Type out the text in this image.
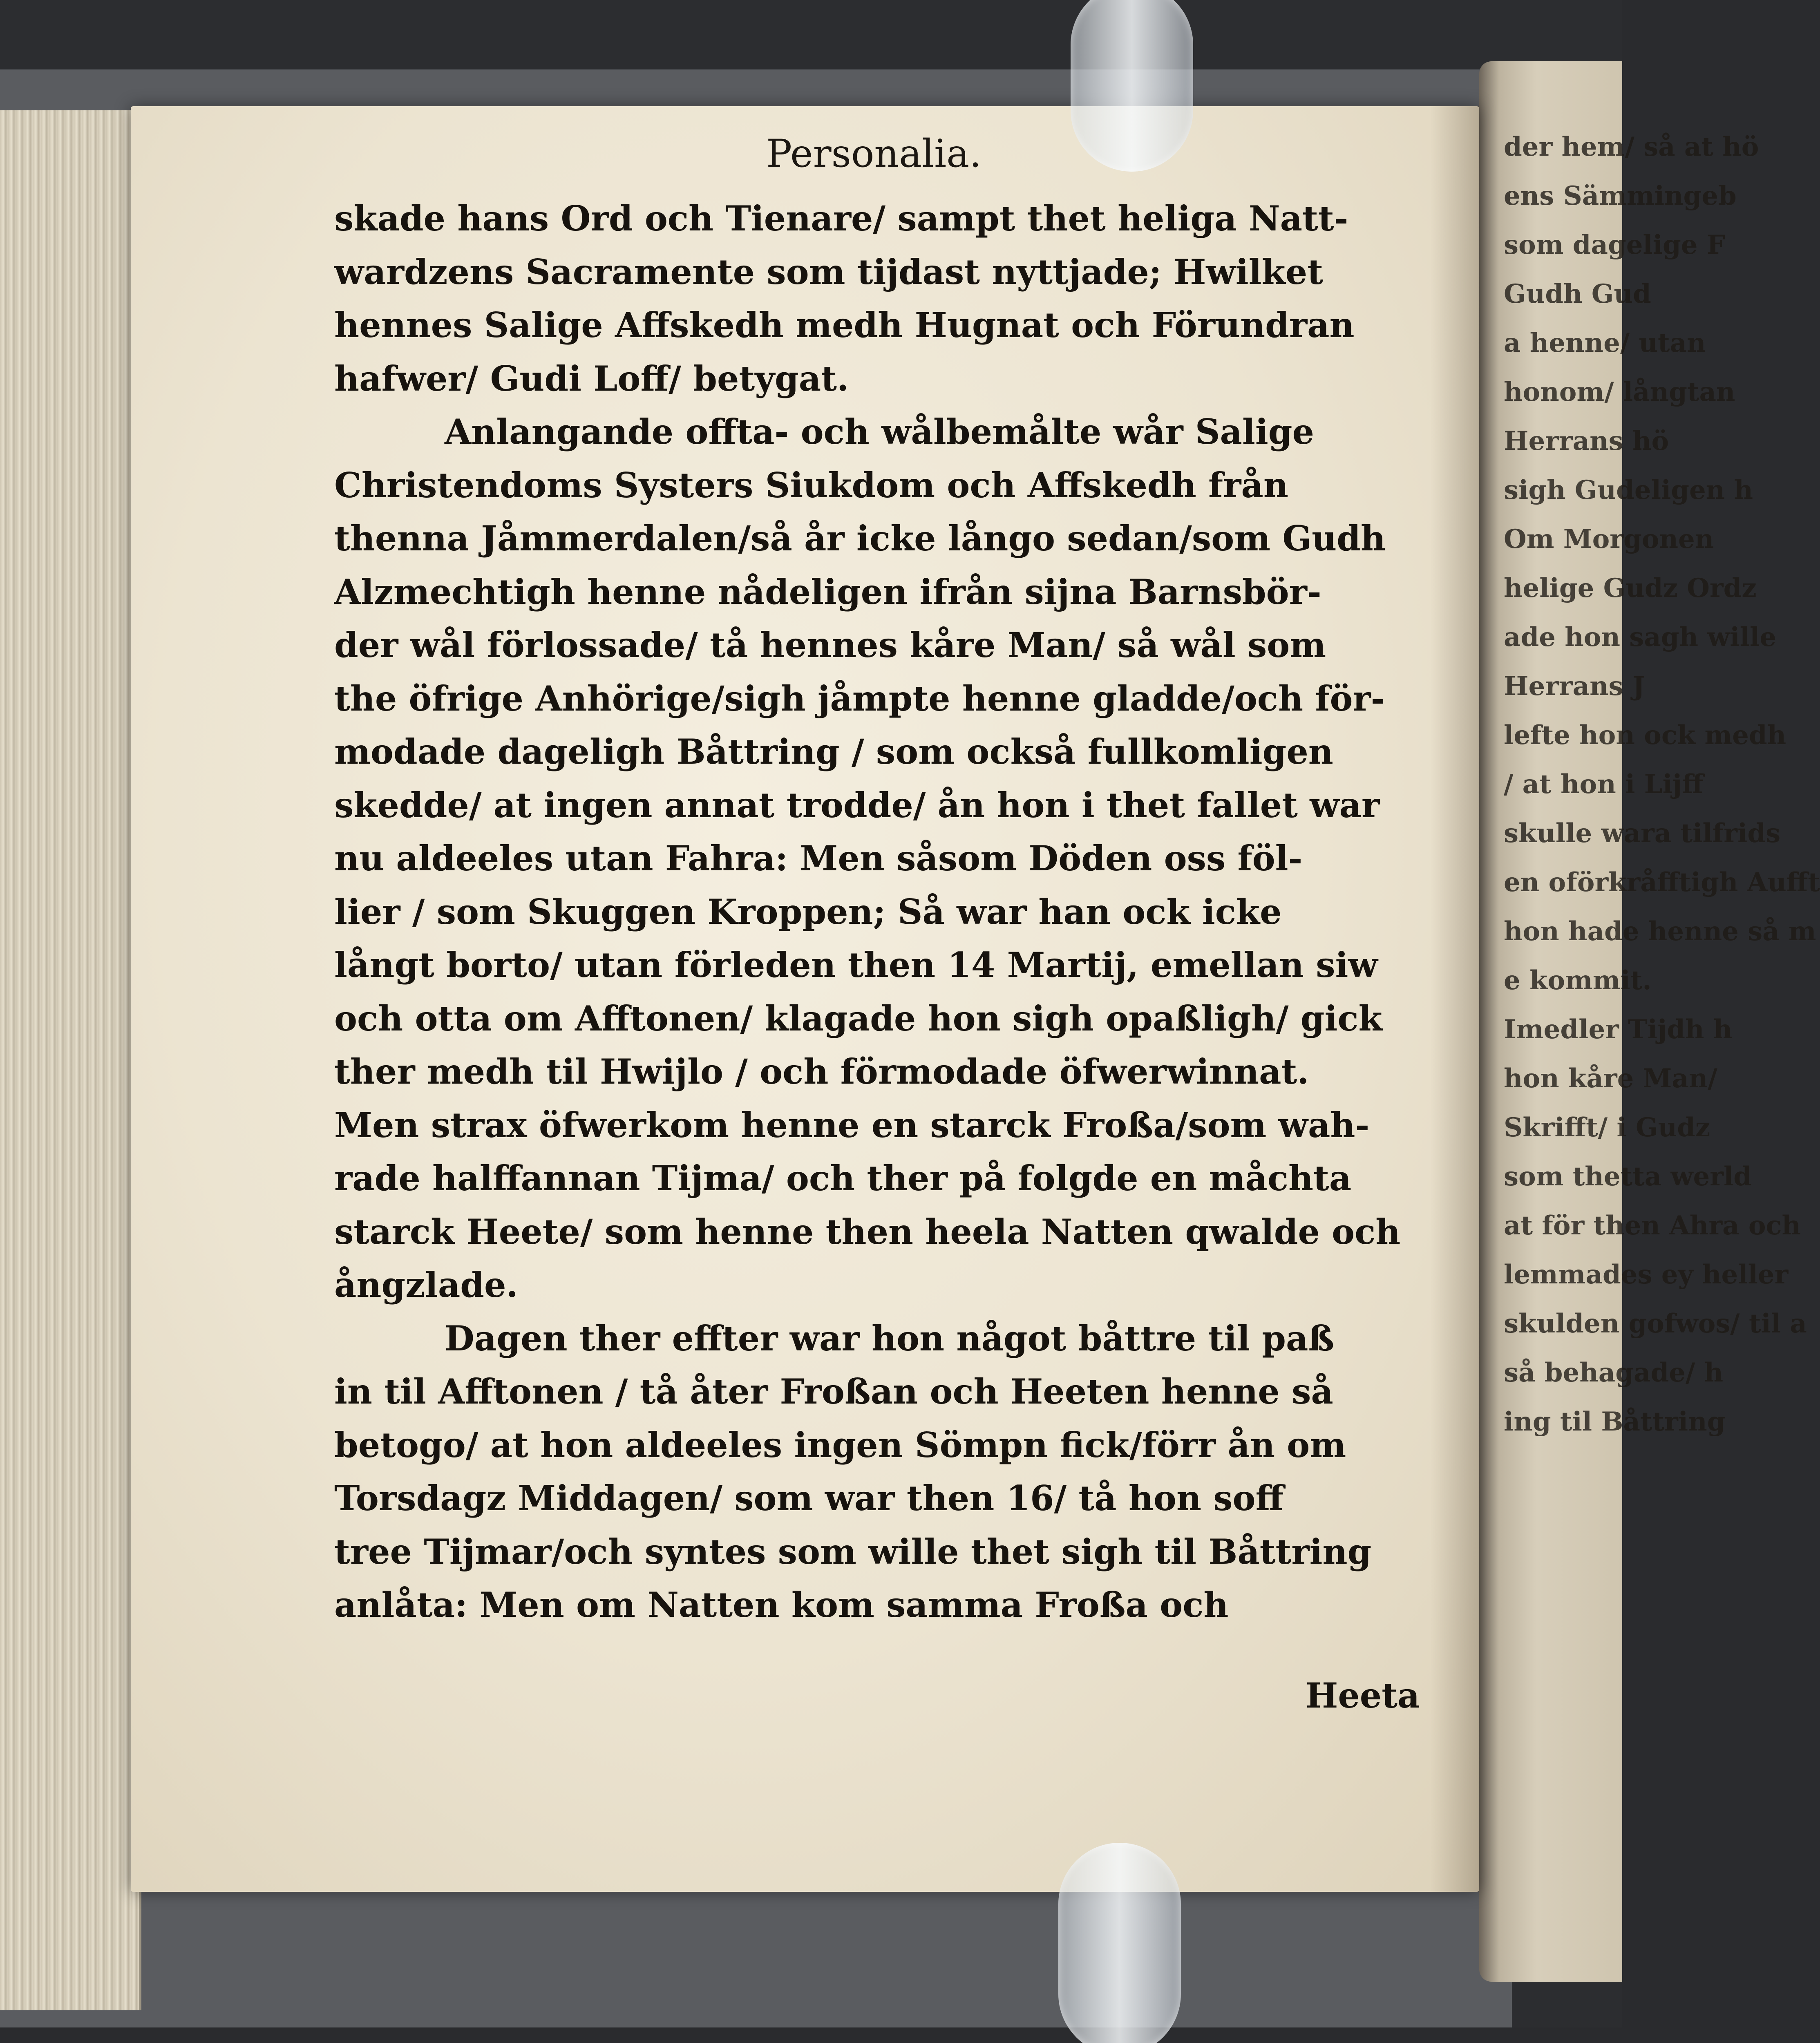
der hem/ så at hö
ens Sämmingeb
som dagelige F
Gudh Gud
a henne/ utan
honom/ långtan
Herrans hö
sigh Gudeligen h
Om Morgonen
helige Gudz Ordz
ade hon sagh wille
Herrans J
lefte hon ock medh
/ at hon i Lijff
skulle wara tilfrids
en oförkråfftigh Aufft
hon hade henne så m
e kommit.
Imedler Tijdh h
hon kåre Man/
Skrifft/ i Gudz
som thetta werld
at för then Ahra och
lemmades ey heller
skulden gofwos/ til a
så behagade/ h
ing til Båttring
Personalia.
skade hans Ord och Tienare/ sampt thet heliga Natt-
wardzens Sacramente som tijdast nyttjade; Hwilket
hennes Salige Affskedh medh Hugnat och Förundran
hafwer/ Gudi Loff/ betygat.
Anlangande offta- och wålbemålte wår Salige
Christendoms Systers Siukdom och Affskedh från
thenna Jåmmerdalen/så år icke långo sedan/som Gudh
Alzmechtigh henne nådeligen ifrån sijna Barnsbör-
der wål förlossade/ tå hennes kåre Man/ så wål som
the öfrige Anhörige/sigh jåmpte henne gladde/och för-
modade dageligh Båttring / som också fullkomligen
skedde/ at ingen annat trodde/ ån hon i thet fallet war
nu aldeeles utan Fahra: Men såsom Döden oss föl-
lier / som Skuggen Kroppen; Så war han ock icke
långt borto/ utan förleden then 14 Martij, emellan siw
och otta om Afftonen/ klagade hon sigh opaßligh/ gick
ther medh til Hwijlo / och förmodade öfwerwinnat.
Men strax öfwerkom henne en starck Froßa/som wah-
rade halffannan Tijma/ och ther på folgde en måchta
starck Heete/ som henne then heela Natten qwalde och
ångzlade.
Dagen ther effter war hon något båttre til paß
in til Afftonen / tå åter Froßan och Heeten henne så
betogo/ at hon aldeeles ingen Sömpn fick/förr ån om
Torsdagz Middagen/ som war then 16/ tå hon soff
tree Tijmar/och syntes som wille thet sigh til Båttring
anlåta: Men om Natten kom samma Froßa och
Heeta
